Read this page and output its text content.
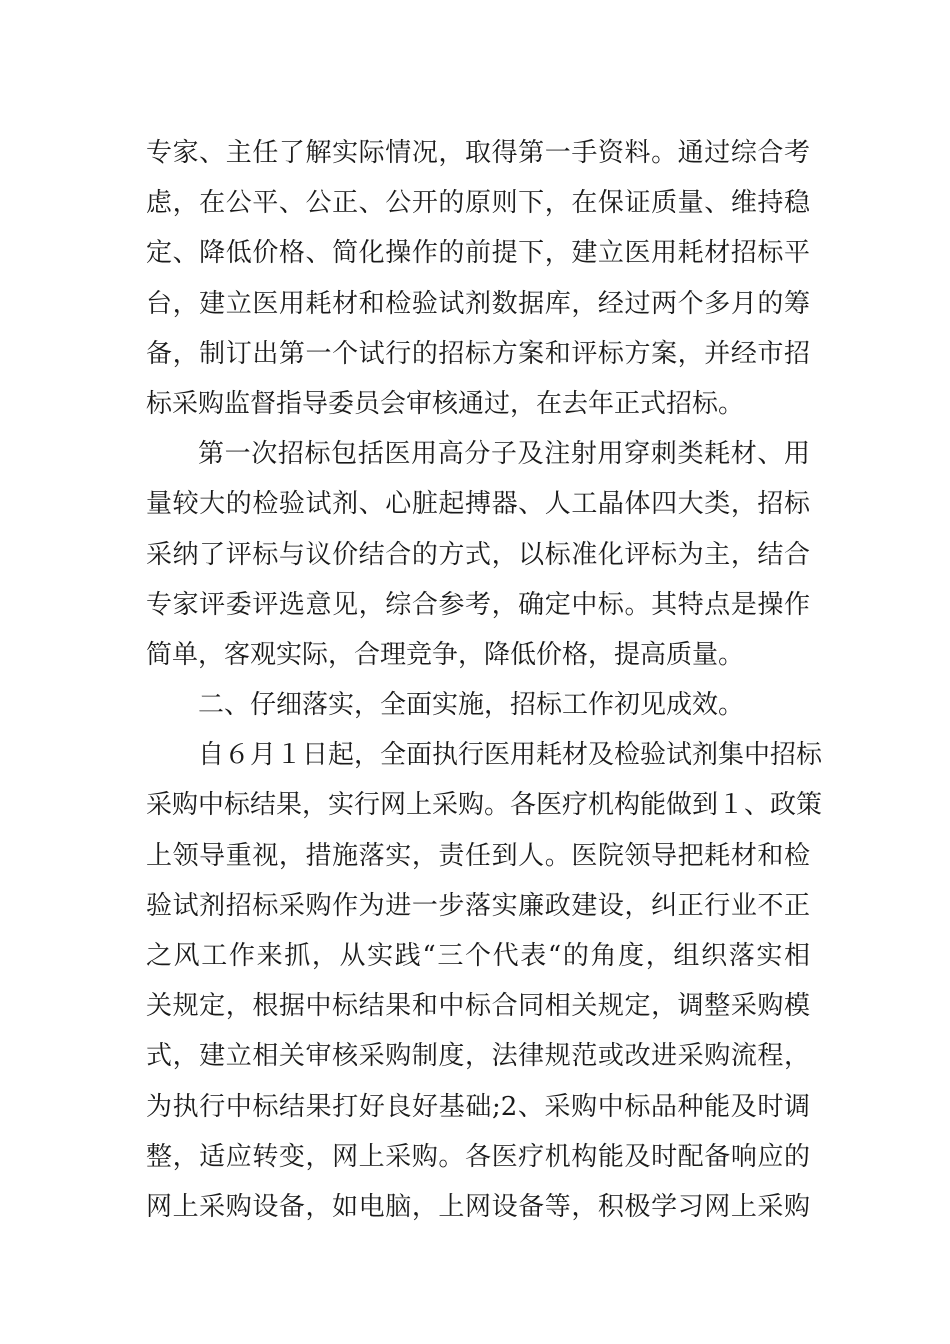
专家、主任了解实际情况，取得第一手资料。通过综合考
虑，在公平、公正、公开的原则下，在保证质量、维持稳
定、降低价格、简化操作的前提下，建立医用耗材招标平
台，建立医用耗材和检验试剂数据库，经过两个多月的筹
备，制订出第一个试行的招标方案和评标方案，并经市招
标采购监督指导委员会审核通过，在去年正式招标。
第一次招标包括医用高分子及注射用穿刺类耗材、用
量较大的检验试剂、心脏起搏器、人工晶体四大类，招标
采纳了评标与议价结合的方式，以标准化评标为主，结合
专家评委评选意见，综合参考，确定中标。其特点是操作
简单，客观实际，合理竞争，降低价格，提高质量。
二、仔细落实，全面实施，招标工作初见成效。
自６月１日起，全面执行医用耗材及检验试剂集中招标
采购中标结果，实行网上采购。各医疗机构能做到１、政策
上领导重视，措施落实，责任到人。医院领导把耗材和检
验试剂招标采购作为进一步落实廉政建设，纠正行业不正
之风工作来抓，从实践“三个代表“的角度，组织落实相
关规定，根据中标结果和中标合同相关规定，调整采购模
式，建立相关审核采购制度，法律规范或改进采购流程，
为执行中标结果打好良好基础;2、采购中标品种能及时调
整，适应转变，网上采购。各医疗机构能及时配备响应的
网上采购设备，如电脑，上网设备等，积极学习网上采购
